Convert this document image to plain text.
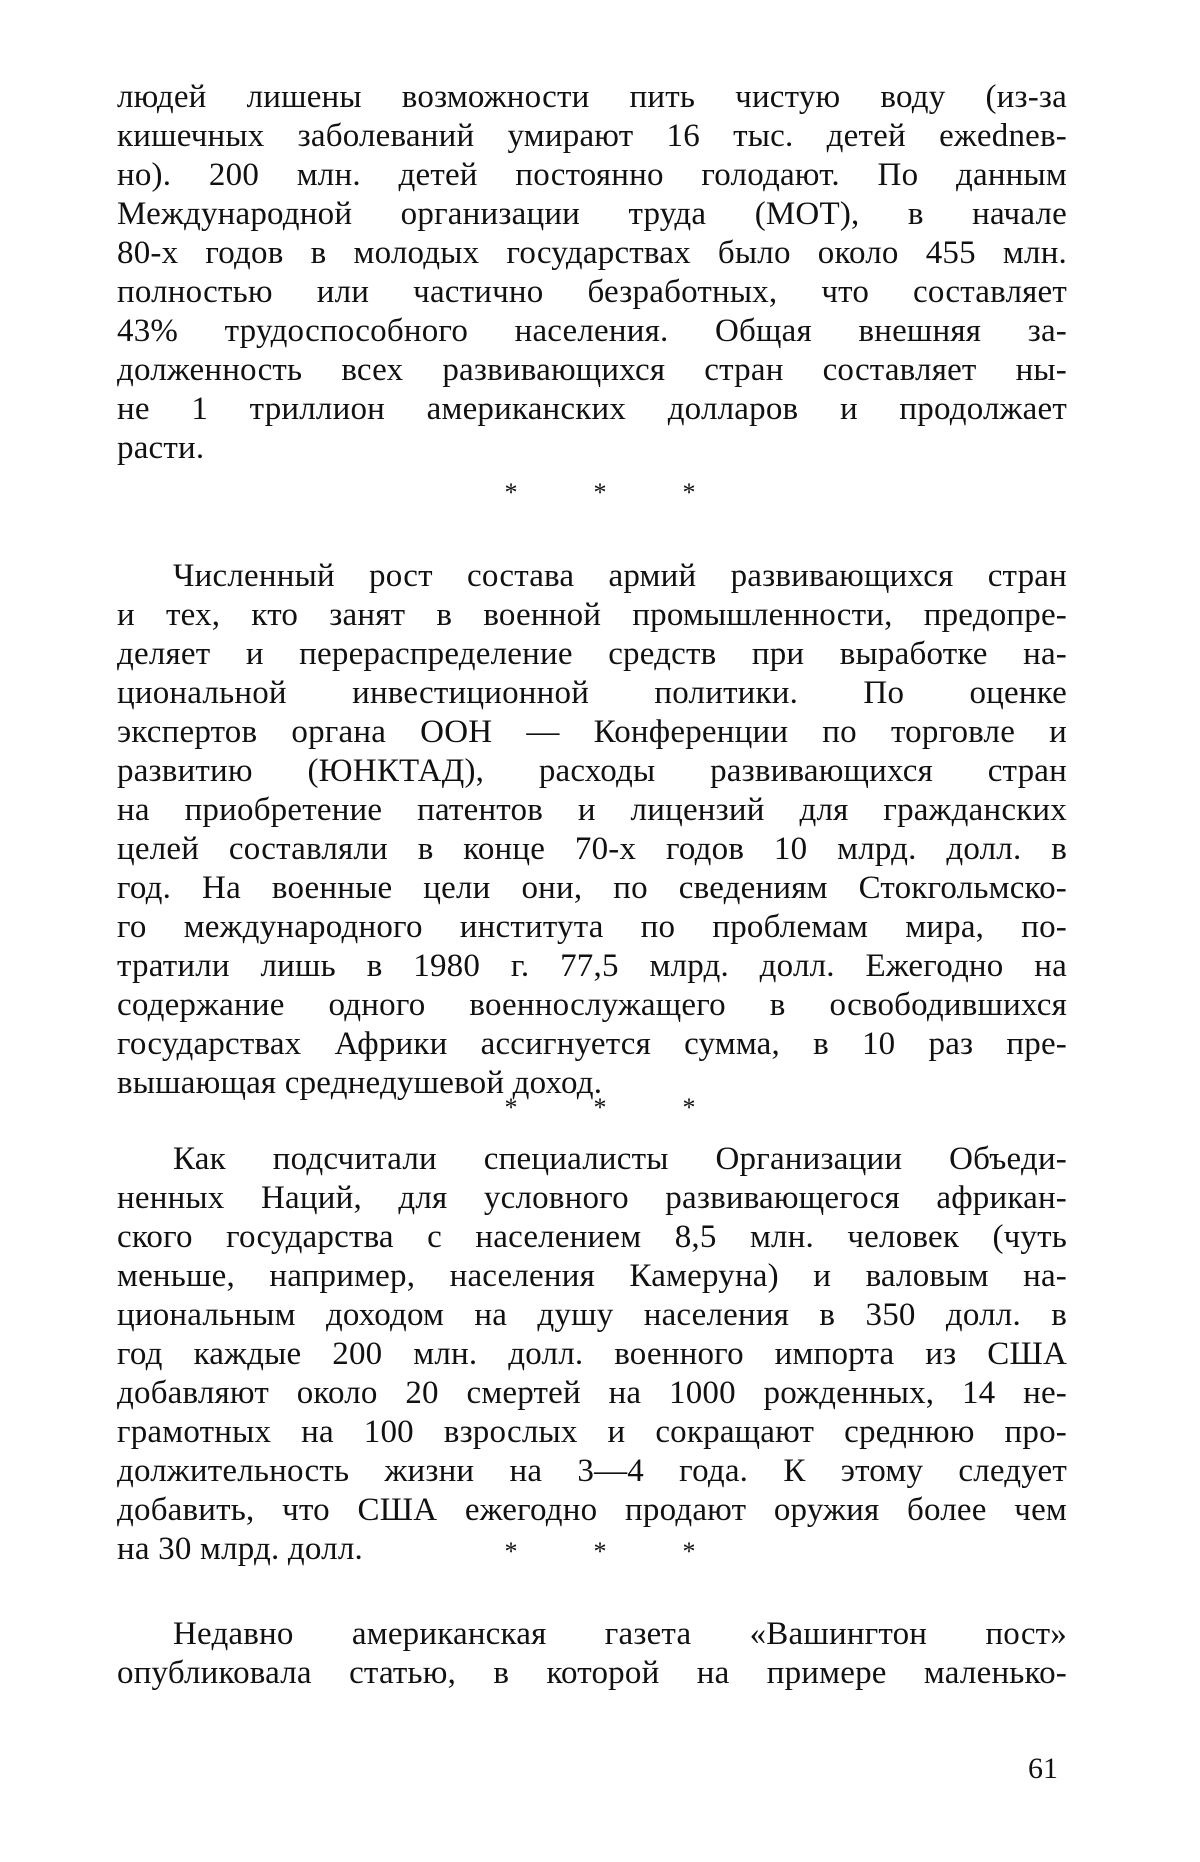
людей лишены возможности пить чистую воду (из-за
кишечных заболеваний умирают 16 тыс. детей ежednев-
но). 200 млн. детей постоянно голодают. По данным
Международной организации труда (МОТ), в начале
80-х годов в молодых государствах было около 455 млн.
полностью или частично безработных, что составляет
43% трудоспособного населения. Общая внешняя за-
долженность всех развивающихся стран составляет ны-
не 1 триллион американских долларов и продолжает
расти.
*	*	*
Численный рост состава армий развивающихся стран
и тех, кто занят в военной промышленности, предопре-
деляет и перераспределение средств при выработке на-
циональной инвестиционной политики. По оценке
экспертов органа ООН — Конференции по торговле и
развитию (ЮНКТАД), расходы развивающихся стран
на приобретение патентов и лицензий для гражданских
целей составляли в конце 70-х годов 10 млрд. долл. в
год. На военные цели они, по сведениям Стокгольмско-
го международного института по проблемам мира, по-
тратили лишь в 1980 г. 77,5 млрд. долл. Ежегодно на
содержание одного военнослужащего в освободившихся
государствах Африки ассигнуется сумма, в 10 раз пре-
вышающая среднедушевой доход.
*	*	*
Как подсчитали специалисты Организации Объеди-
ненных Наций, для условного развивающегося африкан-
ского государства с населением 8,5 млн. человек (чуть
меньше, например, населения Камеруна) и валовым на-
циональным доходом на душу населения в 350 долл. в
год каждые 200 млн. долл. военного импорта из США
добавляют около 20 смертей на 1000 рожденных, 14 не-
грамотных на 100 взрослых и сокращают среднюю про-
должительность жизни на 3—4 года. К этому следует
добавить, что США ежегодно продают оружия более чем
на 30 млрд. долл.	*	*	*
Недавно американская газета «Вашингтон пост»
опубликовала статью, в которой на примере маленько-
61
